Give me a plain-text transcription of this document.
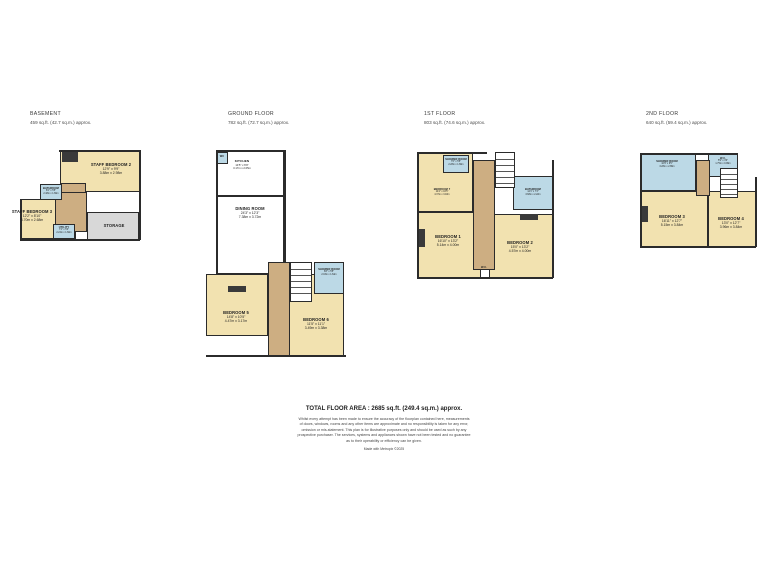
BASEMENT
459 sq.ft. (42.7 sq.m.) approx.
STAFF BEDROOM 2
12'9" x 9'9"
3.88m x 2.98m
STAFF BEDROOM 3
12'2" x 8'10"
3.70m x 2.68m
STORAGE
BATHROOM
8'2" x 5'5"
2.48m x 1.66m
UTILITY
7'4" x 5'3"
2.24m x 1.60m
GROUND FLOOR
782 sq.ft. (72.7 sq.m.) approx.
KITCHEN
14'5" x 6'9"
3.17m x 2.05m
DINING ROOM
24'3" x 12'3"
7.38m x 3.72m
BEDROOM 5
14'8" x 10'5"
4.47m x 3.17m	BEDROOM 6
11'5" x 11'1"
3.49m x 3.38m
SHOWER ROOM
6'8" x 5'5"
2.03m x 1.64m
WC
1ST FLOOR
803 sq.ft. (74.6 sq.m.) approx.
BEDROOM 7
14'4" x 16'5"
4.37m x 3.18m
BEDROOM 1
16'10" x 13'2"
5.14m x 4.00m
BEDROOM 2
15'0" x 13'2"
4.57m x 4.00m
BATHROOM
12'1" x 7'3"
3.68m x 2.22m
SHOWER ROOM
7'6" x 5'5"
2.28m x 1.66m
W.C.
2ND FLOOR
640 sq.ft. (59.4 sq.m.) approx.
SHOWER ROOM
10'9" x 9'5"
3.28m x 2.86m
BEDROOM 3
16'11" x 12'7"
5.15m x 3.84m
BEDROOM 4
13'0" x 12'7"
3.96m x 3.84m
W.C.
5'9" x 3'3"
1.75m x 0.99m
TOTAL FLOOR AREA : 2685 sq.ft. (249.4 sq.m.) approx.
Whilst every attempt has been made to ensure the accuracy of the floorplan contained here, measurements
of doors, windows, rooms and any other items are approximate and no responsibility is taken for any error,
omission or mis-statement. This plan is for illustrative purposes only and should be used as such by any
prospective purchaser. The services, systems and appliances shown have not been tested and no guarantee
as to their operability or efficiency can be given.
Made with Metropix ©2025
